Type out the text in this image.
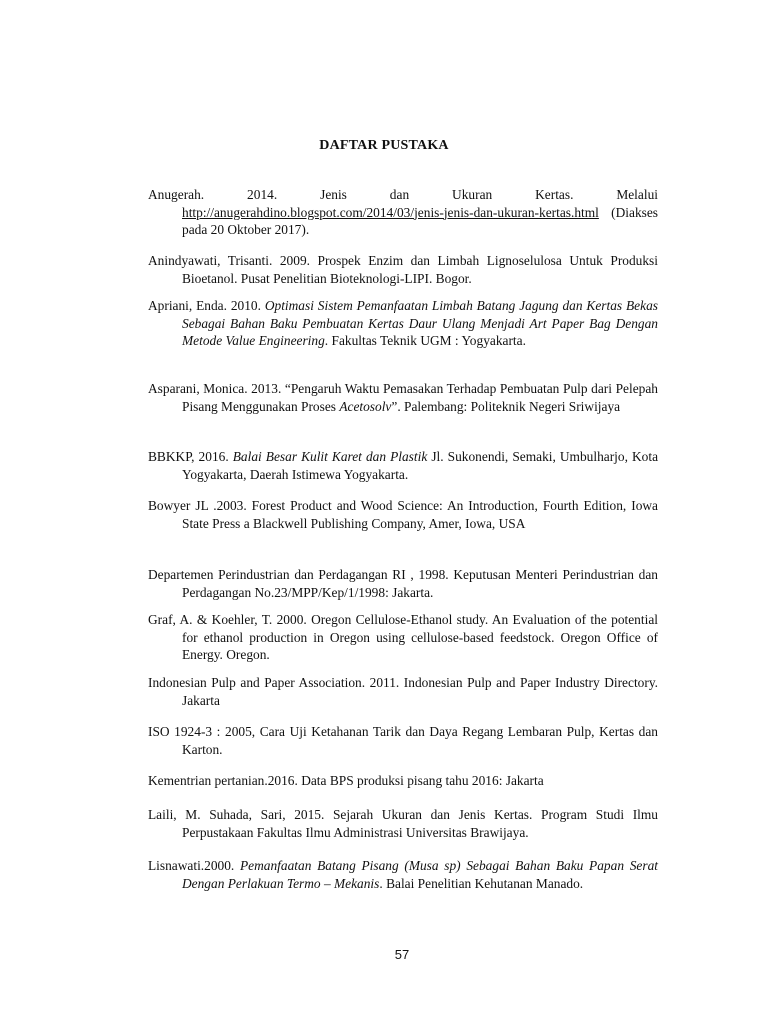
DAFTAR PUSTAKA
Anugerah. 2014. Jenis dan Ukuran Kertas. Melalui http://anugerahdino.blogspot.com/2014/03/jenis-jenis-dan-ukuran-kertas.html (Diakses pada 20 Oktober 2017).
Anindyawati, Trisanti. 2009. Prospek Enzim dan Limbah Lignoselulosa Untuk Produksi Bioetanol. Pusat Penelitian Bioteknologi-LIPI. Bogor.
Apriani, Enda. 2010. Optimasi Sistem Pemanfaatan Limbah Batang Jagung dan Kertas Bekas Sebagai Bahan Baku Pembuatan Kertas Daur Ulang Menjadi Art Paper Bag Dengan Metode Value Engineering. Fakultas Teknik UGM : Yogyakarta.
Asparani, Monica. 2013. “Pengaruh Waktu Pemasakan Terhadap Pembuatan Pulp dari Pelepah Pisang Menggunakan Proses Acetosolv”. Palembang: Politeknik Negeri Sriwijaya
BBKKP, 2016. Balai Besar Kulit Karet dan Plastik Jl. Sukonendi, Semaki, Umbulharjo, Kota Yogyakarta, Daerah Istimewa Yogyakarta.
Bowyer JL .2003. Forest Product and Wood Science: An Introduction, Fourth Edition, Iowa State Press a Blackwell Publishing Company, Amer, Iowa, USA
Departemen Perindustrian dan Perdagangan RI , 1998. Keputusan Menteri Perindustrian dan Perdagangan No.23/MPP/Kep/1/1998: Jakarta.
Graf, A. & Koehler, T. 2000. Oregon Cellulose-Ethanol study. An Evaluation of the potential for ethanol production in Oregon using cellulose-based feedstock. Oregon Office of Energy. Oregon.
Indonesian Pulp and Paper Association. 2011. Indonesian Pulp and Paper Industry Directory. Jakarta
ISO 1924-3 : 2005, Cara Uji Ketahanan Tarik dan Daya Regang Lembaran Pulp, Kertas dan Karton.
Kementrian pertanian.2016. Data BPS produksi pisang tahu 2016: Jakarta
Laili, M. Suhada, Sari, 2015. Sejarah Ukuran dan Jenis Kertas. Program Studi Ilmu Perpustakaan Fakultas Ilmu Administrasi Universitas Brawijaya.
Lisnawati.2000. Pemanfaatan Batang Pisang (Musa sp) Sebagai Bahan Baku Papan Serat Dengan Perlakuan Termo – Mekanis. Balai Penelitian Kehutanan Manado.
57
